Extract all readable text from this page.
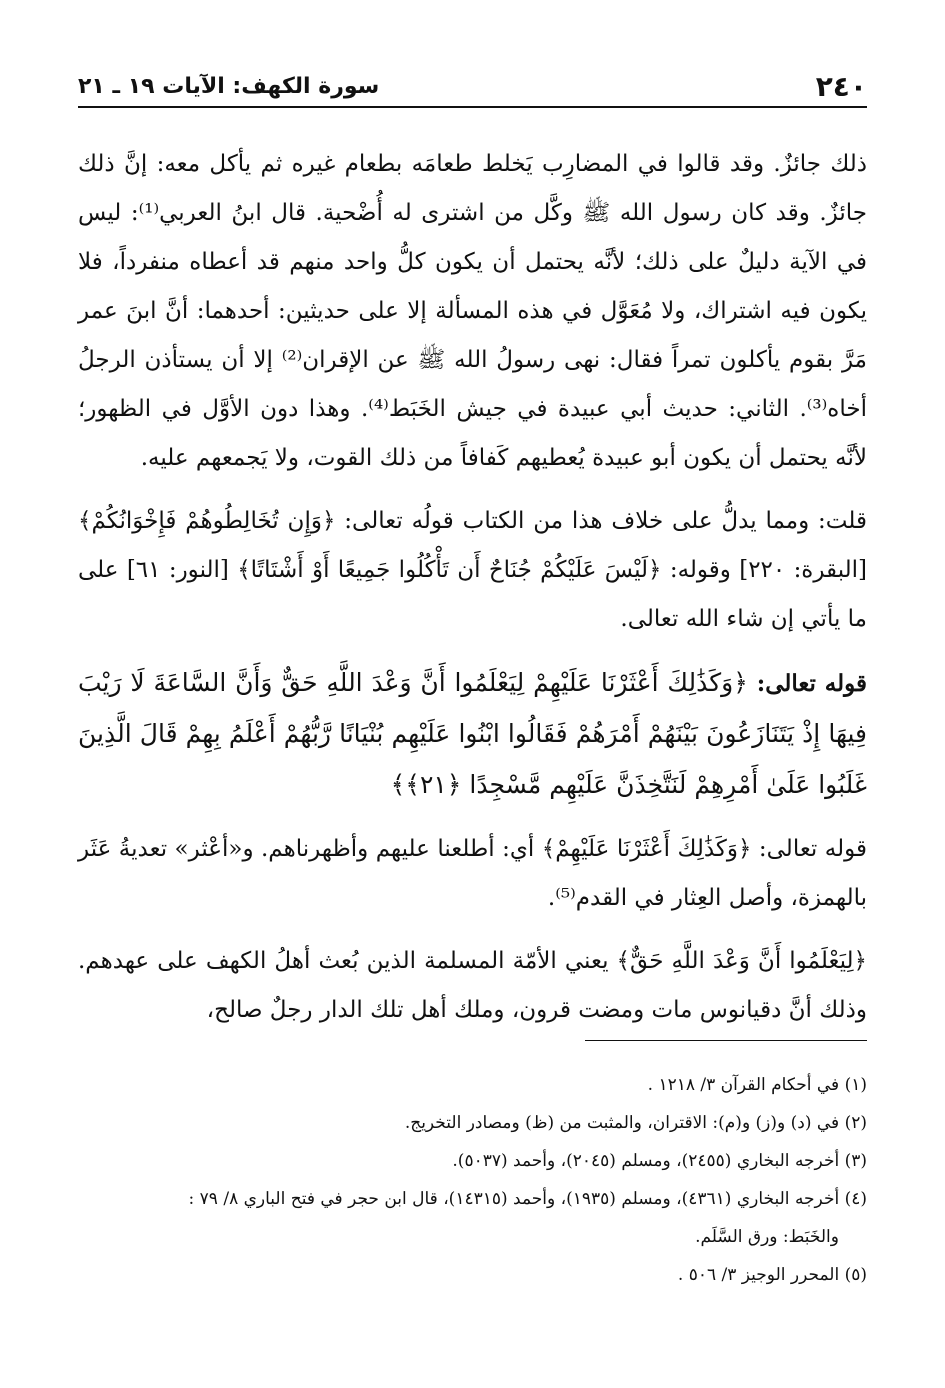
٢٤٠
سورة الكهف: الآيات ١٩ ـ ٢١

ذلك جائزٌ. وقد قالوا في المضارِب يَخلط طعامَه بطعام غيره ثم يأكل معه: إنَّ ذلك جائزٌ. وقد كان رسول الله ﷺ وكَّل من اشترى له أُضْحية. قال ابنُ العربي⁽¹⁾: ليس في الآية دليلٌ على ذلك؛ لأنَّه يحتمل أن يكون كلُّ واحد منهم قد أعطاه منفرداً، فلا يكون فيه اشتراك، ولا مُعَوَّل في هذه المسألة إلا على حديثين: أحدهما: أنَّ ابنَ عمر مَرَّ بقوم يأكلون تمراً فقال: نهى رسولُ الله ﷺ عن الإقران⁽²⁾ إلا أن يستأذن الرجلُ أخاه⁽³⁾. الثاني: حديث أبي عبيدة في جيش الخَبَط⁽⁴⁾. وهذا دون الأوَّل في الظهور؛ لأنَّه يحتمل أن يكون أبو عبيدة يُعطيهم كَفافاً من ذلك القوت، ولا يَجمعهم عليه.

قلت: ومما يدلُّ على خلاف هذا من الكتاب قولُه تعالى: ﴿وَإِن تُخَالِطُوهُمْ فَإِخْوَانُكُمْ﴾ [البقرة: ٢٢٠] وقوله: ﴿لَيْسَ عَلَيْكُمْ جُنَاحٌ أَن تَأْكُلُوا جَمِيعًا أَوْ أَشْتَاتًا﴾ [النور: ٦١] على ما يأتي إن شاء الله تعالى.

قوله تعالى: ﴿وَكَذَٰلِكَ أَعْثَرْنَا عَلَيْهِمْ لِيَعْلَمُوا أَنَّ وَعْدَ اللَّهِ حَقٌّ وَأَنَّ السَّاعَةَ لَا رَيْبَ فِيهَا إِذْ يَتَنَازَعُونَ بَيْنَهُمْ أَمْرَهُمْ فَقَالُوا ابْنُوا عَلَيْهِم بُنْيَانًا رَّبُّهُمْ أَعْلَمُ بِهِمْ قَالَ الَّذِينَ غَلَبُوا عَلَىٰ أَمْرِهِمْ لَنَتَّخِذَنَّ عَلَيْهِم مَّسْجِدًا ﴿٢١﴾﴾

قوله تعالى: ﴿وَكَذَٰلِكَ أَعْثَرْنَا عَلَيْهِمْ﴾ أي: أطلعنا عليهم وأظهرناهم. و«أعْثر» تعديةُ عَثَر بالهمزة، وأصل العِثار في القدم⁽⁵⁾.

﴿لِيَعْلَمُوا أَنَّ وَعْدَ اللَّهِ حَقٌّ﴾ يعني الأمّة المسلمة الذين بُعث أهلُ الكهف على عهدهم. وذلك أنَّ دقيانوس مات ومضت قرون، وملك أهل تلك الدار رجلٌ صالح،

(١) في أحكام القرآن ٣/ ١٢١٨ .

(٢) في (د) و(ز) و(م): الاقتران، والمثبت من (ظ) ومصادر التخريج.

(٣) أخرجه البخاري (٢٤٥٥)، ومسلم (٢٠٤٥)، وأحمد (٥٠٣٧).

(٤) أخرجه البخاري (٤٣٦١)، ومسلم (١٩٣٥)، وأحمد (١٤٣١٥)، قال ابن حجر في فتح الباري ٨/ ٧٩ :

والخَبَط: ورق السَّلَم.

(٥) المحرر الوجيز ٣/ ٥٠٦ .
